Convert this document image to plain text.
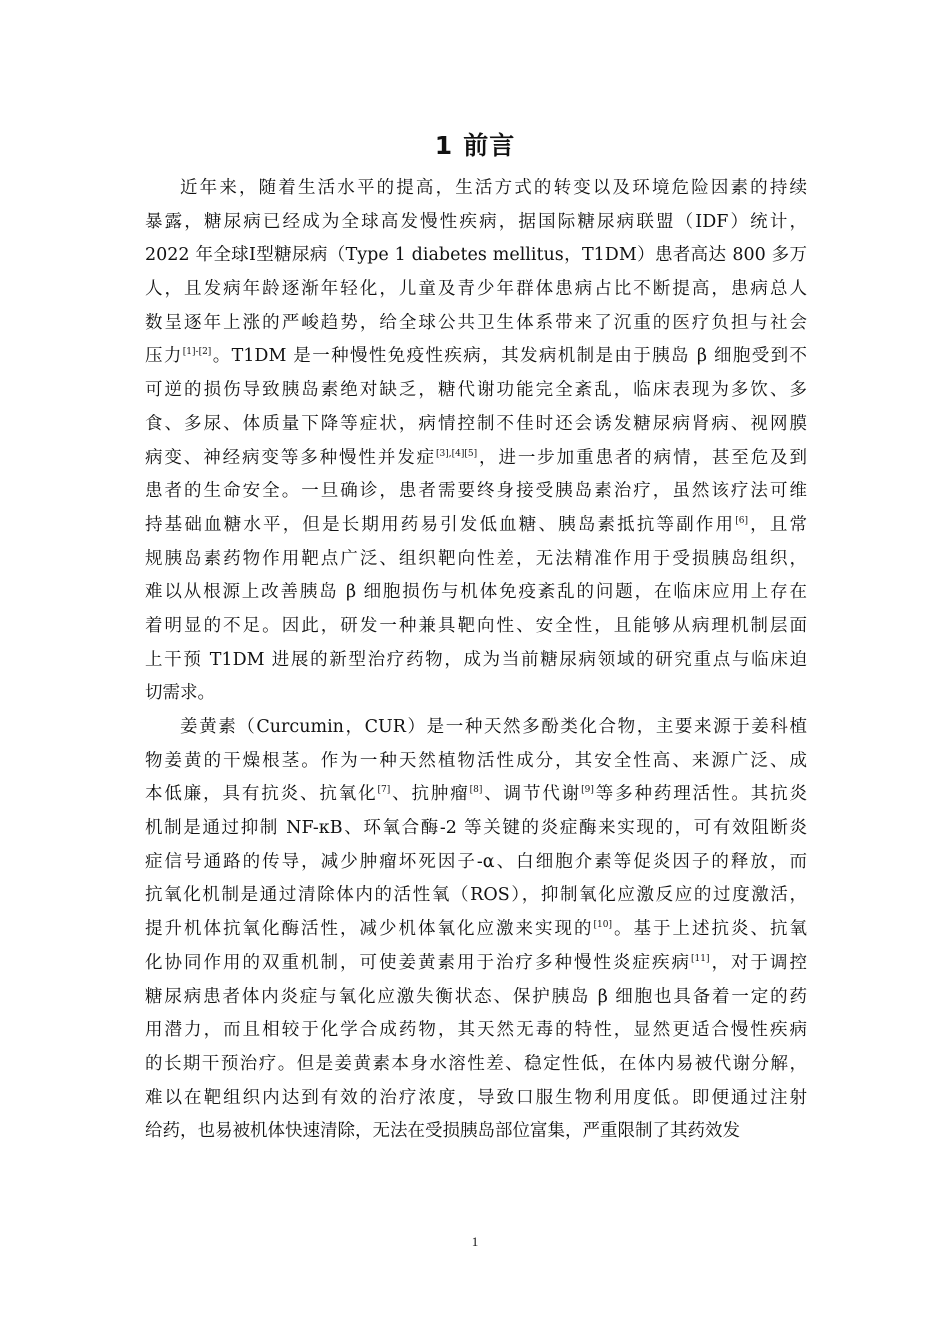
1 前言
近年来，随着生活水平的提高，生活方式的转变以及环境危险因素的持续
暴露，糖尿病已经成为全球高发慢性疾病，据国际糖尿病联盟（IDF）统计，
2022 年全球Ⅰ型糖尿病（Type 1 diabetes mellitus，T1DM）患者高达 800 多万
人，且发病年龄逐渐年轻化，儿童及青少年群体患病占比不断提高，患病总人
数呈逐年上涨的严峻趋势，给全球公共卫生体系带来了沉重的医疗负担与社会
压力[1]-[2]。T1DM 是一种慢性免疫性疾病，其发病机制是由于胰岛 β 细胞受到不
可逆的损伤导致胰岛素绝对缺乏，糖代谢功能完全紊乱，临床表现为多饮、多
食、多尿、体质量下降等症状，病情控制不佳时还会诱发糖尿病肾病、视网膜
病变、神经病变等多种慢性并发症[3],[4][5]，进一步加重患者的病情，甚至危及到
患者的生命安全。一旦确诊，患者需要终身接受胰岛素治疗，虽然该疗法可维
持基础血糖水平，但是长期用药易引发低血糖、胰岛素抵抗等副作用[6]，且常
规胰岛素药物作用靶点广泛、组织靶向性差，无法精准作用于受损胰岛组织，
难以从根源上改善胰岛 β 细胞损伤与机体免疫紊乱的问题，在临床应用上存在
着明显的不足。因此，研发一种兼具靶向性、安全性，且能够从病理机制层面
上干预 T1DM 进展的新型治疗药物，成为当前糖尿病领域的研究重点与临床迫
切需求。
姜黄素（Curcumin，CUR）是一种天然多酚类化合物，主要来源于姜科植
物姜黄的干燥根茎。作为一种天然植物活性成分，其安全性高、来源广泛、成
本低廉，具有抗炎、抗氧化[7]、抗肿瘤[8]、调节代谢[9]等多种药理活性。其抗炎
机制是通过抑制 NF-κB、环氧合酶-2 等关键的炎症酶来实现的，可有效阻断炎
症信号通路的传导，减少肿瘤坏死因子-α、白细胞介素等促炎因子的释放，而
抗氧化机制是通过清除体内的活性氧（ROS），抑制氧化应激反应的过度激活，
提升机体抗氧化酶活性，减少机体氧化应激来实现的[10]。基于上述抗炎、抗氧
化协同作用的双重机制，可使姜黄素用于治疗多种慢性炎症疾病[11]，对于调控
糖尿病患者体内炎症与氧化应激失衡状态、保护胰岛 β 细胞也具备着一定的药
用潜力，而且相较于化学合成药物，其天然无毒的特性，显然更适合慢性疾病
的长期干预治疗。但是姜黄素本身水溶性差、稳定性低，在体内易被代谢分解，
难以在靶组织内达到有效的治疗浓度，导致口服生物利用度低。即便通过注射
给药，也易被机体快速清除，无法在受损胰岛部位富集，严重限制了其药效发
1
